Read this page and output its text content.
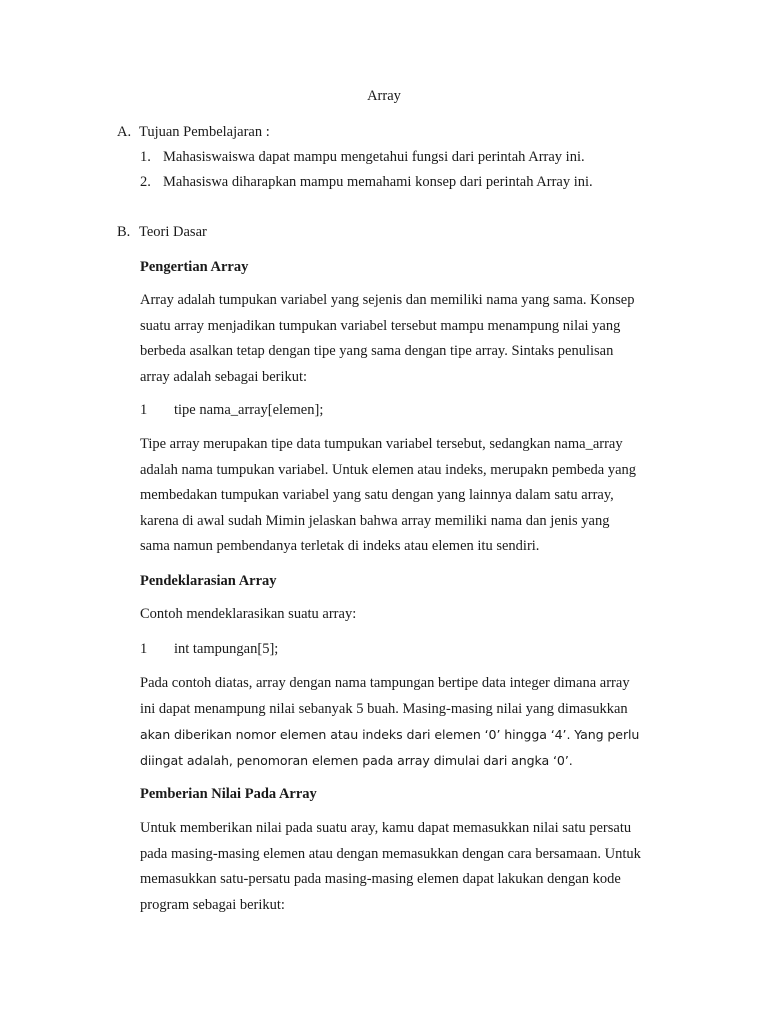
Array
A. Tujuan Pembelajaran :
1. Mahasiswaiswa dapat mampu mengetahui fungsi dari perintah Array ini.
2. Mahasiswa diharapkan mampu memahami konsep dari perintah Array ini.
B. Teori Dasar
Pengertian Array
Array adalah tumpukan variabel yang sejenis dan memiliki nama yang sama. Konsep
suatu array menjadikan tumpukan variabel tersebut mampu menampung nilai yang
berbeda asalkan tetap dengan tipe yang sama dengan tipe array. Sintaks penulisan
array adalah sebagai berikut:
1 tipe nama_array[elemen];
Tipe array merupakan tipe data tumpukan variabel tersebut, sedangkan nama_array
adalah nama tumpukan variabel. Untuk elemen atau indeks, merupakn pembeda yang
membedakan tumpukan variabel yang satu dengan yang lainnya dalam satu array,
karena di awal sudah Mimin jelaskan bahwa array memiliki nama dan jenis yang
sama namun pembendanya terletak di indeks atau elemen itu sendiri.
Pendeklarasian Array
Contoh mendeklarasikan suatu array:
1 int tampungan[5];
Pada contoh diatas, array dengan nama tampungan bertipe data integer dimana array
ini dapat menampung nilai sebanyak 5 buah. Masing-masing nilai yang dimasukkan
akan diberikan nomor elemen atau indeks dari elemen ‘0’ hingga ‘4’. Yang perlu
diingat adalah, penomoran elemen pada array dimulai dari angka ‘0’.
Pemberian Nilai Pada Array
Untuk memberikan nilai pada suatu aray, kamu dapat memasukkan nilai satu persatu
pada masing-masing elemen atau dengan memasukkan dengan cara bersamaan. Untuk
memasukkan satu-persatu pada masing-masing elemen dapat lakukan dengan kode
program sebagai berikut:
